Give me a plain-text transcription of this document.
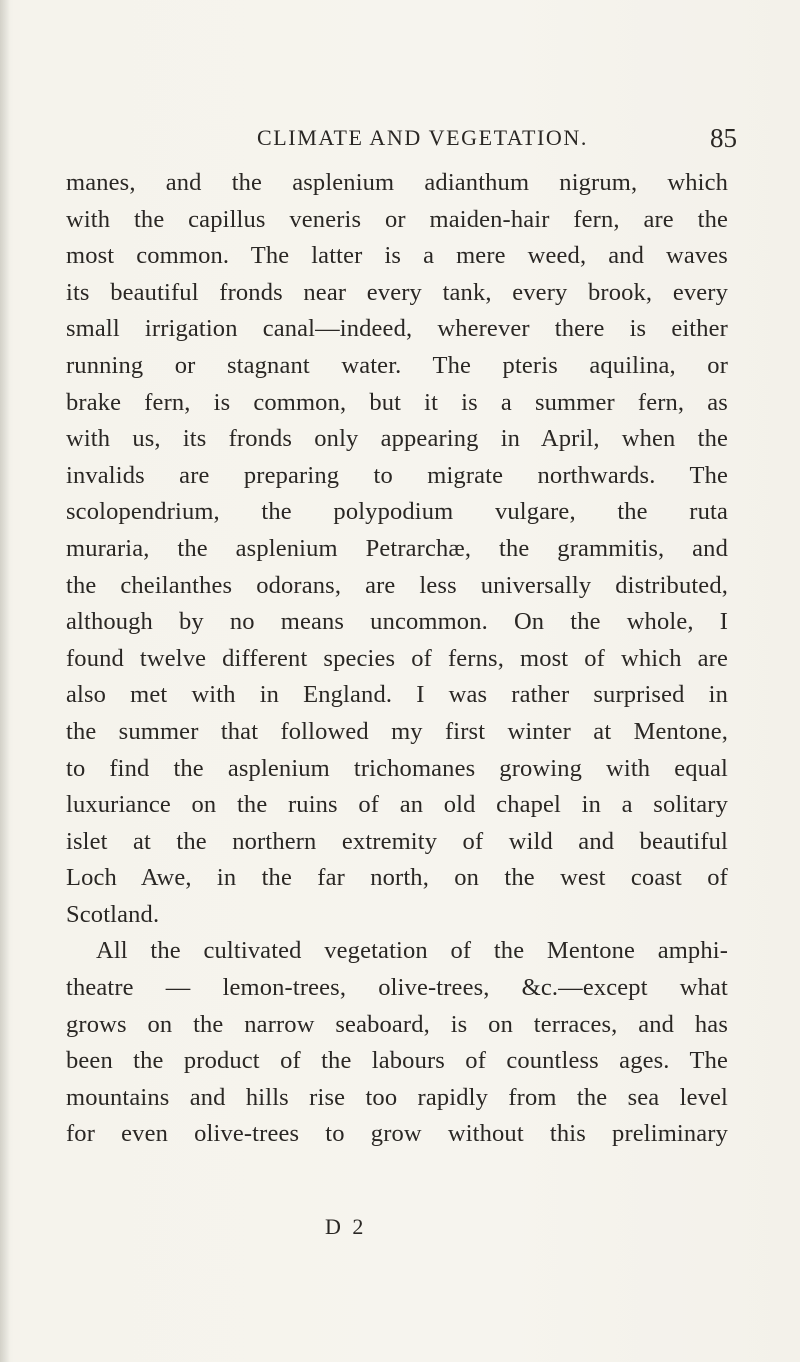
CLIMATE AND VEGETATION.	85
manes, and the asplenium adianthum nigrum, which
with the capillus veneris or maiden-hair fern, are the
most common. The latter is a mere weed, and waves
its beautiful fronds near every tank, every brook, every
small irrigation canal—indeed, wherever there is either
running or stagnant water. The pteris aquilina, or
brake fern, is common, but it is a summer fern, as
with us, its fronds only appearing in April, when the
invalids are preparing to migrate northwards. The
scolopendrium, the polypodium vulgare, the ruta
muraria, the asplenium Petrarchæ, the grammitis, and
the cheilanthes odorans, are less universally distributed,
although by no means uncommon. On the whole, I
found twelve different species of ferns, most of which are
also met with in England. I was rather surprised in
the summer that followed my first winter at Mentone,
to find the asplenium trichomanes growing with equal
luxuriance on the ruins of an old chapel in a solitary
islet at the northern extremity of wild and beautiful
Loch Awe, in the far north, on the west coast of
Scotland.
All the cultivated vegetation of the Mentone amphi-
theatre — lemon-trees, olive-trees, &c.—except what
grows on the narrow seaboard, is on terraces, and has
been the product of the labours of countless ages. The
mountains and hills rise too rapidly from the sea level
for even olive-trees to grow without this preliminary
D 2
